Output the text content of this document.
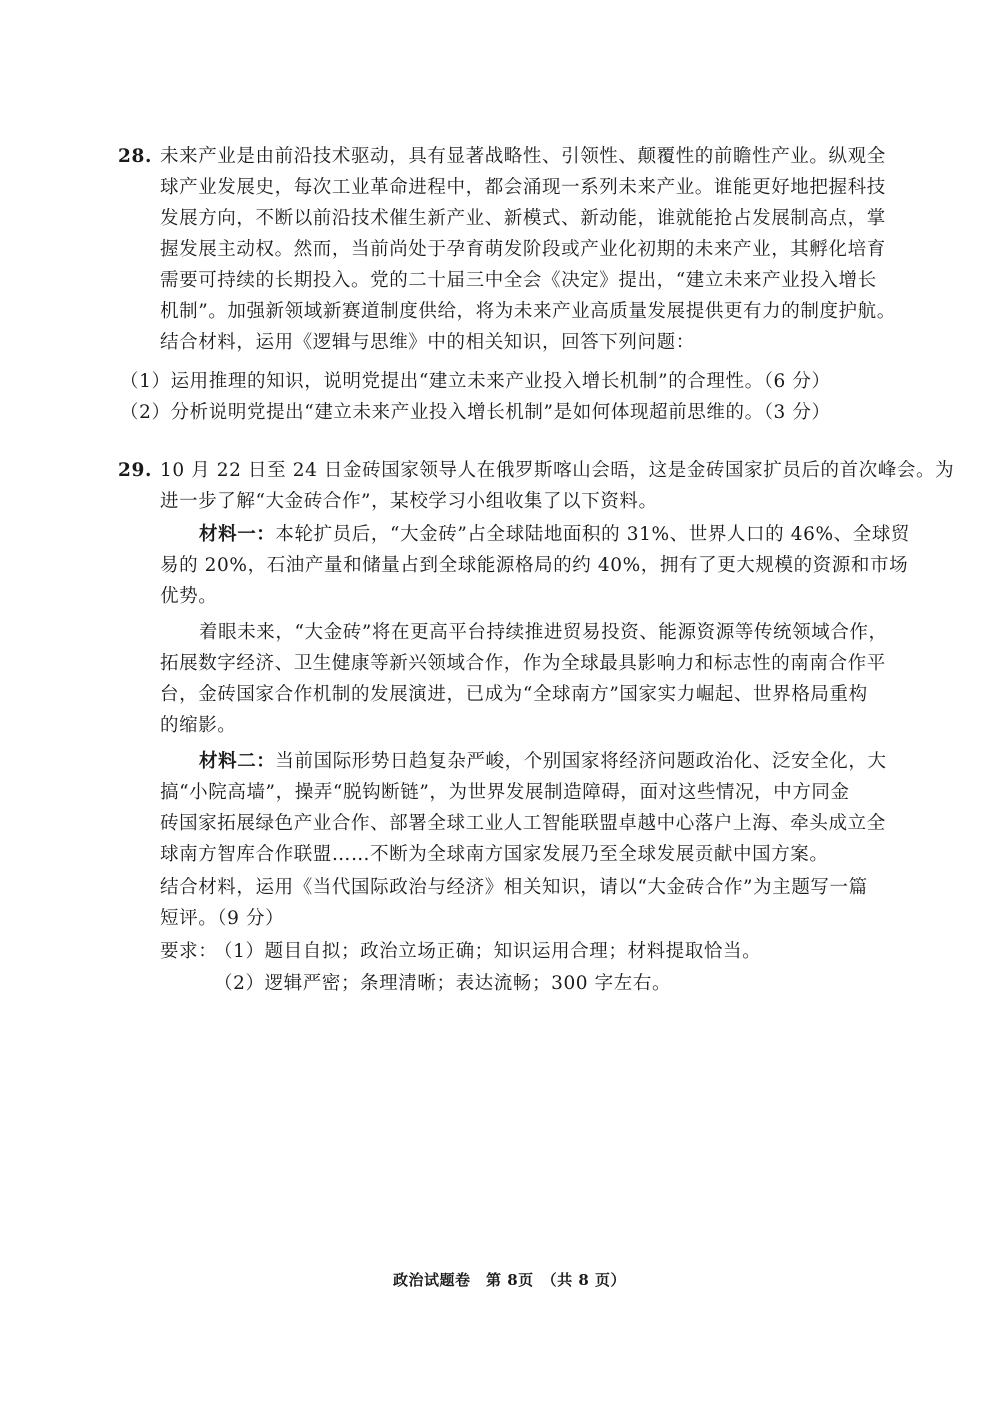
28. 未来产业是由前沿技术驱动，具有显著战略性、引领性、颠覆性的前瞻性产业。纵观全
球产业发展史，每次工业革命进程中，都会涌现一系列未来产业。谁能更好地把握科技
发展方向，不断以前沿技术催生新产业、新模式、新动能，谁就能抢占发展制高点，掌
握发展主动权。然而，当前尚处于孕育萌发阶段或产业化初期的未来产业，其孵化培育
需要可持续的长期投入。党的二十届三中全会《决定》提出，“建立未来产业投入增长
机制”。加强新领域新赛道制度供给，将为未来产业高质量发展提供更有力的制度护航。
结合材料，运用《逻辑与思维》中的相关知识，回答下列问题：
（1）运用推理的知识，说明党提出“建立未来产业投入增长机制”的合理性。（6 分）
（2）分析说明党提出“建立未来产业投入增长机制”是如何体现超前思维的。（3 分）
29. 10 月 22 日至 24 日金砖国家领导人在俄罗斯喀山会晤，这是金砖国家扩员后的首次峰会。为
进一步了解“大金砖合作”，某校学习小组收集了以下资料。
材料一：本轮扩员后，“大金砖”占全球陆地面积的 31%、世界人口的 46%、全球贸
易的 20%，石油产量和储量占到全球能源格局的约 40%，拥有了更大规模的资源和市场
优势。
着眼未来，“大金砖”将在更高平台持续推进贸易投资、能源资源等传统领域合作，
拓展数字经济、卫生健康等新兴领域合作，作为全球最具影响力和标志性的南南合作平
台，金砖国家合作机制的发展演进，已成为“全球南方”国家实力崛起、世界格局重构
的缩影。
材料二：当前国际形势日趋复杂严峻，个别国家将经济问题政治化、泛安全化，大
搞“小院高墙”，操弄“脱钩断链”，为世界发展制造障碍，面对这些情况，中方同金
砖国家拓展绿色产业合作、部署全球工业人工智能联盟卓越中心落户上海、牵头成立全
球南方智库合作联盟……不断为全球南方国家发展乃至全球发展贡献中国方案。
结合材料，运用《当代国际政治与经济》相关知识，请以“大金砖合作”为主题写一篇
短评。（9 分）
要求：
（1）题目自拟；政治立场正确；知识运用合理；材料提取恰当。
（2）逻辑严密；条理清晰；表达流畅；300 字左右。
政治试题卷　第 8页　（共 8 页）
